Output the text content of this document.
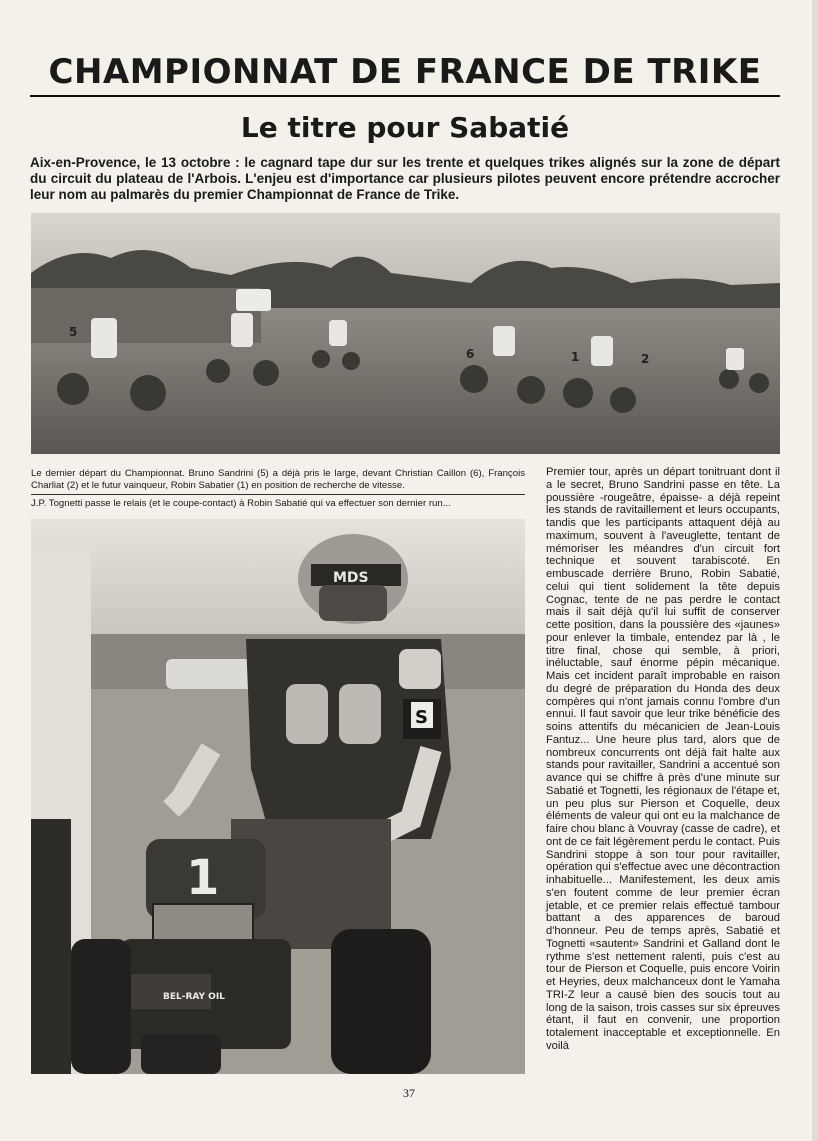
CHAMPIONNAT DE FRANCE DE TRIKE
Le titre pour Sabatié

Aix-en-Provence, le 13 octobre : le cagnard tape dur sur les trente et quelques trikes alignés sur la zone de départ du circuit du plateau de l'Arbois. L'enjeu est d'importance car plusieurs pilotes peuvent encore prétendre accrocher leur nom au palmarès du premier Championnat de France de Trike.

5
6	2
1
Le dernier départ du Championnat. Bruno Sandrini (5) a déjà pris le large, devant Christian Caillon (6), François Charliat (2) et le futur vainqueur, Robin Sabatier (1) en position de recherche de vitesse.
J.P. Tognetti passe le relais (et le coupe-contact) à Robin Sabatié qui va effectuer son dernier run...
MDS
1
BEL-RAY OIL
S
Premier tour, après un départ tonitruant dont il a le secret, Bruno Sandrini passe en tête. La poussière -rougeâtre, épaisse- a déjà repeint les stands de ravitaillement et leurs occupants, tandis que les participants attaquent déjà au maximum, souvent à l'aveuglette, tentant de mémoriser les méandres d'un circuit fort technique et souvent tarabiscoté. En embuscade derrière Bruno, Robin Sabatié, celui qui tient solidement la tête depuis Cognac, tente de ne pas perdre le contact mais il sait déjà qu'il lui suffit de conserver cette position, dans la poussière des «jaunes» pour enlever la timbale, entendez par là , le titre final, chose qui semble, à priori, inéluctable, sauf énorme pépin mécanique. Mais cet incident paraît improbable en raison du degré de préparation du Honda des deux compères qui n'ont jamais connu l'ombre d'un ennui. Il faut savoir que leur trike bénéficie des soins attentifs du mécanicien de Jean-Louis Fantuz... Une heure plus tard, alors que de nombreux concurrents ont déjà fait halte aux stands pour ravitailler, Sandrini a accentué son avance qui se chiffre à près d'une minute sur Sabatié et Tognetti, les régionaux de l'étape et, un peu plus sur Pierson et Coquelle, deux éléments de valeur qui ont eu la malchance de faire chou blanc à Vouvray (casse de cadre), et ont de ce fait légèrement perdu le contact. Puis Sandrini stoppe à son tour pour ravitailler, opération qui s'effectue avec une décontraction inhabituelle... Manifestement, les deux amis s'en foutent comme de leur premier écran jetable, et ce premier relais effectué tambour battant a des apparences de baroud d'honneur. Peu de temps après, Sabatié et Tognetti «sautent» Sandrini et Galland dont le rythme s'est nettement ralenti, puis c'est au tour de Pierson et Coquelle, puis encore Voirin et Heyries, deux malchanceux dont le Yamaha TRI-Z leur a causé bien des soucis tout au long de la saison, trois casses sur six épreuves étant, il faut en convenir, une proportion totalement inacceptable et exceptionnelle. En voilà
37
